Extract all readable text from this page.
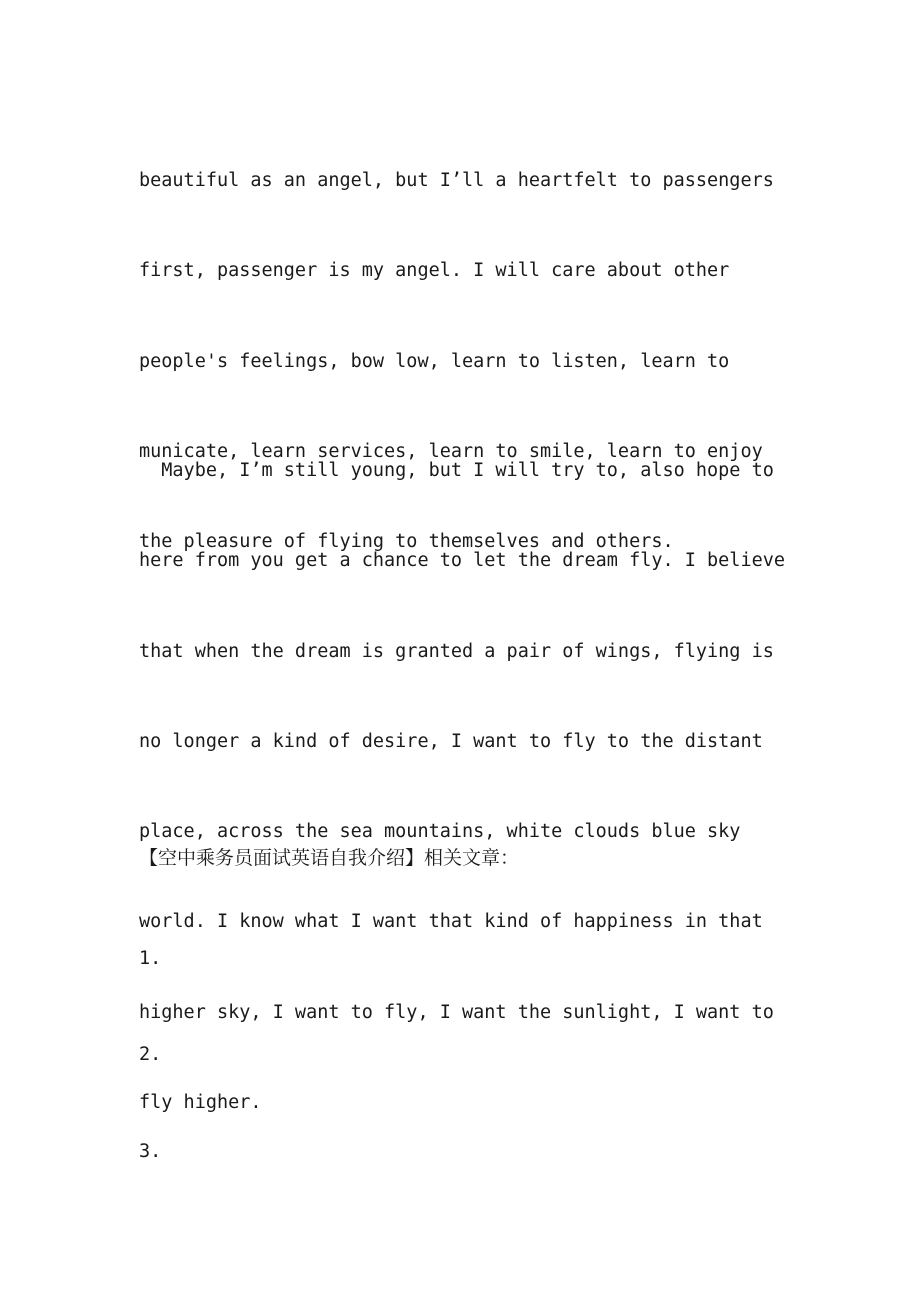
beautiful as an angel, but I’ll a heartfelt to passengers

first, passenger is my angel. I will care about other

people's feelings, bow low, learn to listen, learn to

municate, learn services, learn to smile, learn to enjoy

the pleasure of flying to themselves and others.

Maybe, I’m still young, but I will try to, also hope to

here from you get a chance to let the dream fly. I believe

that when the dream is granted a pair of wings, flying is

no longer a kind of desire, I want to fly to the distant

place, across the sea mountains, white clouds blue sky

world. I know what I want that kind of happiness in that

higher sky, I want to fly, I want the sunlight, I want to

fly higher.

【空中乘务员面试英语自我介绍】相关文章：
1.
2.
3.
